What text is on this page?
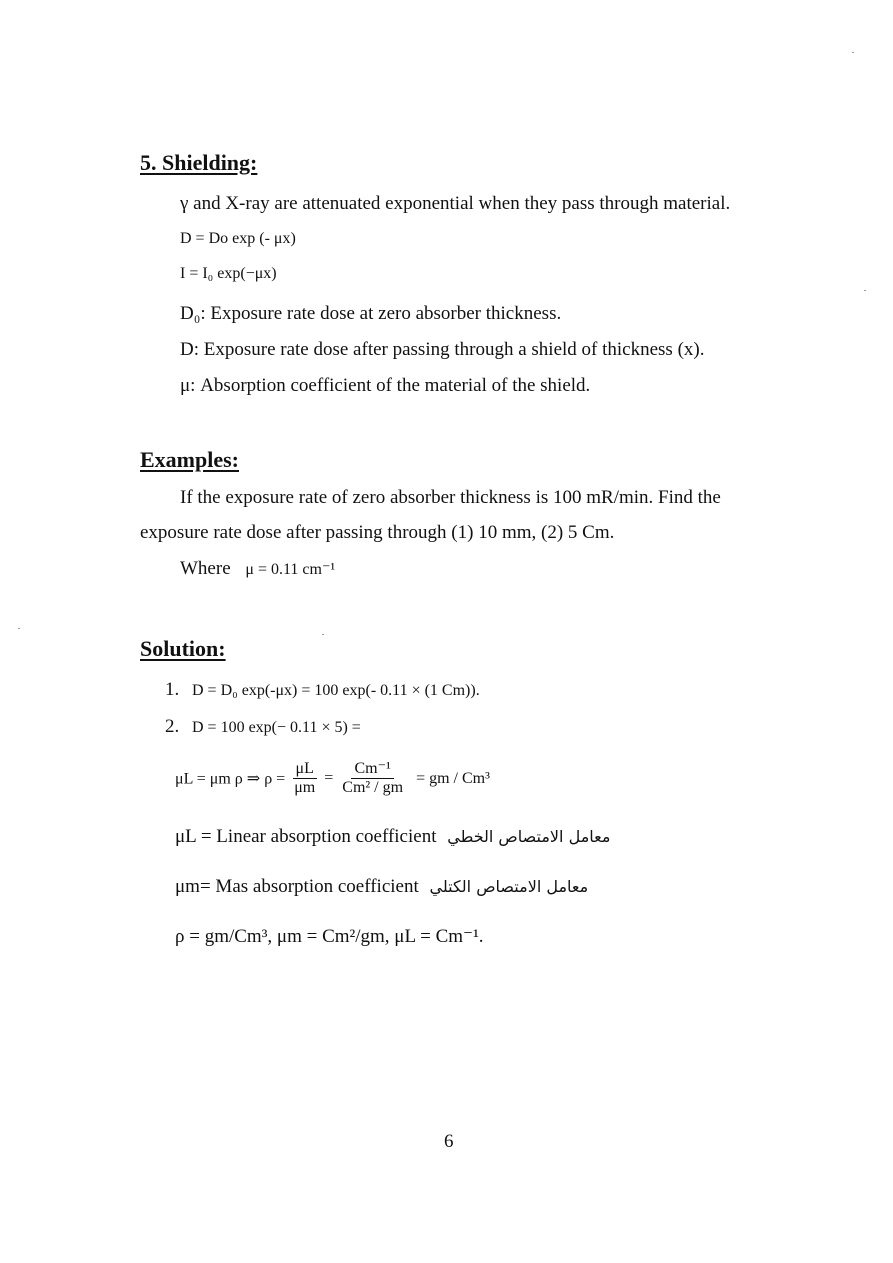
5. Shielding:
γ and X-ray are attenuated exponential when they pass through material.
D = Do exp (- μx)
I = I₀ exp(−μx)
D₀: Exposure rate dose at zero absorber thickness.
D: Exposure rate dose after passing through a shield of thickness (x).
μ: Absorption coefficient of the material of the shield.
Examples:
If the exposure rate of zero absorber thickness is 100 mR/min. Find the
exposure rate dose after passing through (1) 10 mm, (2) 5 Cm.
Where μ = 0.11 cm⁻¹
Solution:
1. D = D₀ exp(-μx) = 100 exp(- 0.11 × (1 Cm)).
2. D = 100 exp(− 0.11 × 5) =
μL = μm ρ ⇒ $\rho = \frac{\mu L}{\mu m} = \frac{\text{Cm⁻¹}}{\text{Cm² / gm}}$ = gm / Cm³
μL = Linear absorption coefficient معامل الامتصاص الخطي
μm= Mas absorption coefficient معامل الامتصاص الكتلي
ρ = gm/Cm³, μm = Cm²/gm, μL = Cm⁻¹.
6
